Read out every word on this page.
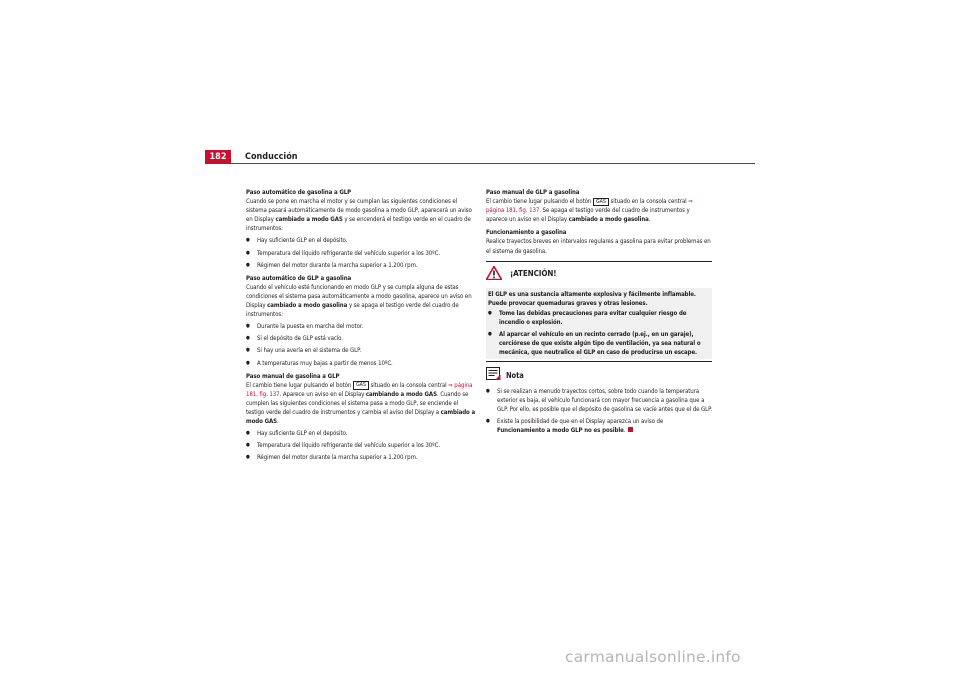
182	Conducción

Paso automático de gasolina a GLP

Cuando se pone en marcha el motor y se cumplan las siguientes condiciones el sistema pasará automáticamente de modo gasolina a modo GLP, aparecerá un aviso en Display cambiado a modo GAS y se encenderá el testigo verde en el cuadro de instrumentos:

● Hay suficiente GLP en el depósito.
● Temperatura del líquido refrigerante del vehículo superior a los 30ºC.
● Régimen del motor durante la marcha superior a 1.200 rpm.

Paso automático de GLP a gasolina

Cuando el vehículo esté funcionando en modo GLP y se cumpla alguna de estas condiciones el sistema pasa automáticamente a modo gasolina, aparece un aviso en Display cambiado a modo gasolina y se apaga el testigo verde del cuadro de instrumentos:

● Durante la puesta en marcha del motor.
● Si el depósito de GLP está vacío.
● Si hay una avería en el sistema de GLP.
● A temperaturas muy bajas a partir de menos 10ºC.

Paso manual de gasolina a GLP

El cambio tiene lugar pulsando el botón GAS situado en la consola central ⇒ página 181, fig. 137. Aparece un aviso en el Display cambiando a modo GAS. Cuando se cumplen las siguientes condiciones el sistema pasa a modo GLP, se enciende el testigo verde del cuadro de instrumentos y cambia el aviso del Display a cambiado a modo GAS.

● Hay suficiente GLP en el depósito.
● Temperatura del líquido refrigerante del vehículo superior a los 30ºC.
● Régimen del motor durante la marcha superior a 1.200 rpm.

Paso manual de GLP a gasolina

El cambio tiene lugar pulsando el botón GAS situado en la consola central ⇒ página 181, fig. 137. Se apaga el testigo verde del cuadro de instrumentos y aparece un aviso en el Display cambiado a modo gasolina.

Funcionamiento a gasolina

Realice trayectos breves en intervalos regulares a gasolina para evitar problemas en el sistema de gasolina.

¡ATENCIÓN!

El GLP es una sustancia altamente explosiva y fácilmente inflamable. Puede provocar quemaduras graves y otras lesiones.

● Tome las debidas precauciones para evitar cualquier riesgo de incendio o explosión.
● Al aparcar el vehículo en un recinto cerrado (p.ej., en un garaje), cerciórese de que existe algún tipo de ventilación, ya sea natural o mecánica, que neutralice el GLP en caso de producirse un escape.
Nota
● Si se realizan a menudo trayectos cortos, sobre todo cuando la temperatura exterior es baja, el vehículo funcionará con mayor frecuencia a gasolina que a GLP. Por ello, es posible que el depósito de gasolina se vacíe antes que el de GLP.
● Existe la posibilidad de que en el Display aparezca un aviso de Funcionamiento a modo GLP no es posible.
carmanualsonline.info
